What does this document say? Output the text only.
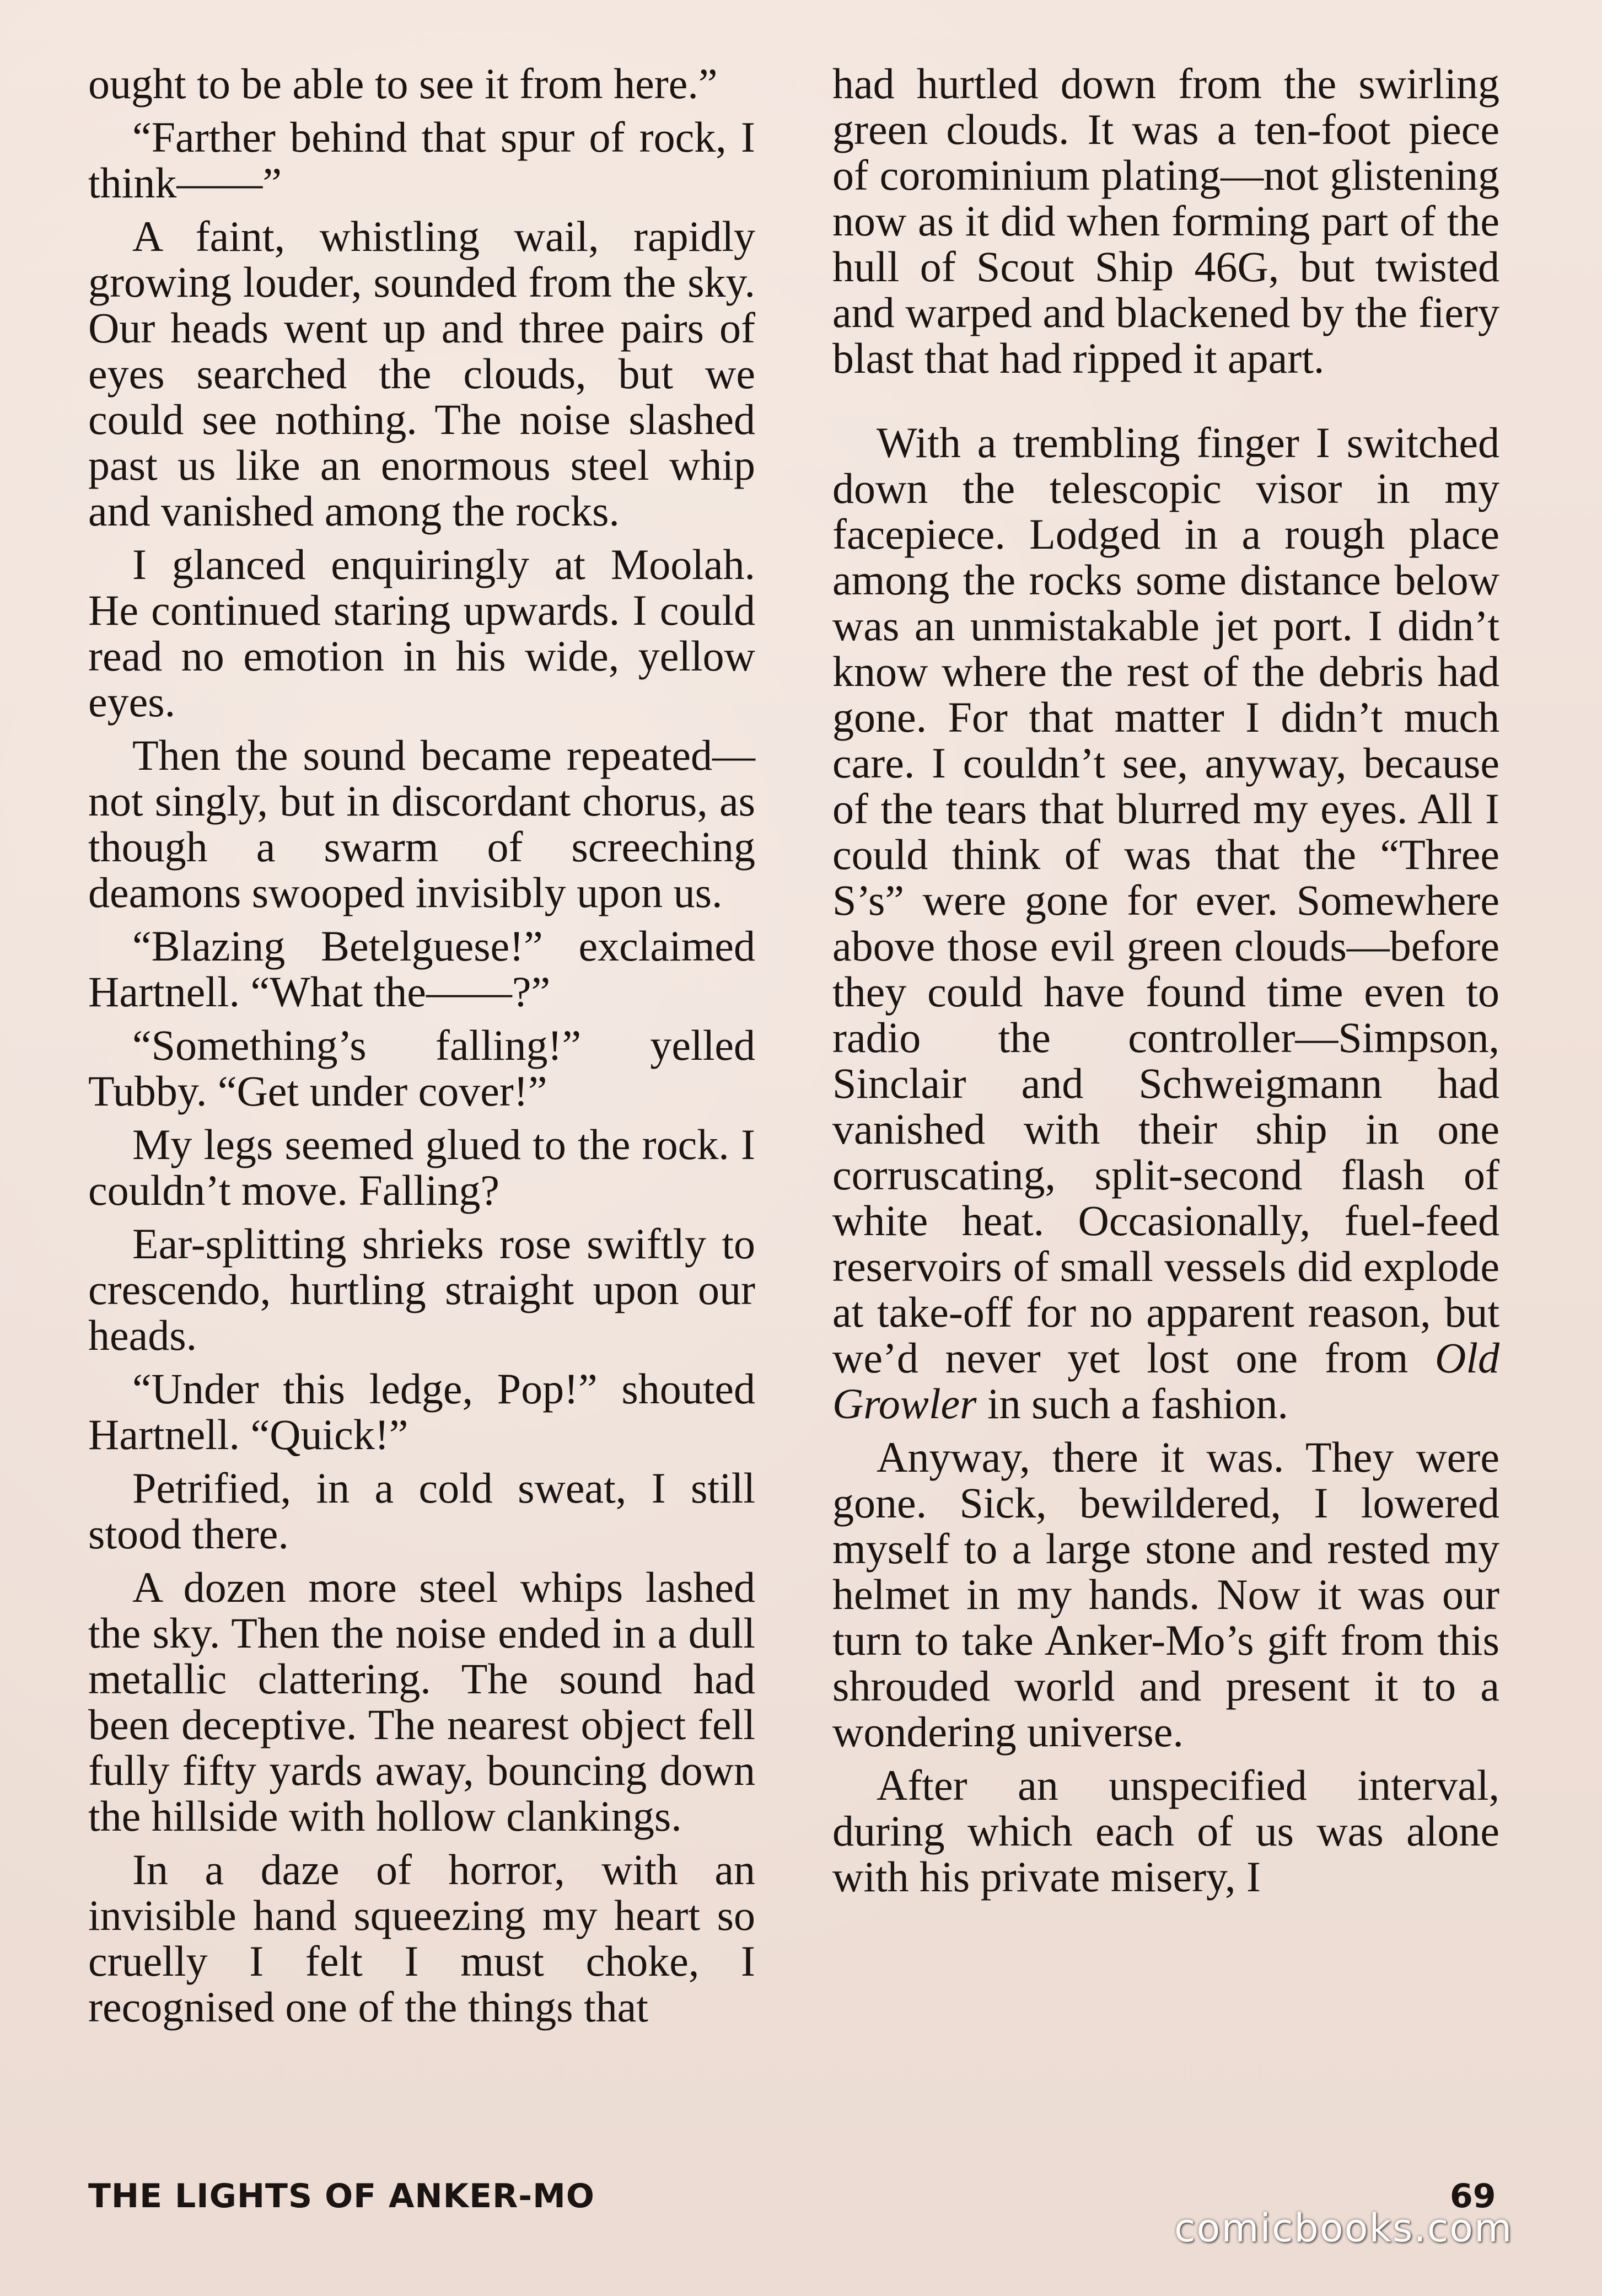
ought to be able to see it from here.”

“Farther behind that spur of rock, I think——”

A faint, whistling wail, rapidly growing louder, sounded from the sky. Our heads went up and three pairs of eyes searched the clouds, but we could see nothing. The noise slashed past us like an enormous steel whip and vanished among the rocks.

I glanced enquiringly at Moolah. He continued staring upwards. I could read no emotion in his wide, yellow eyes.

Then the sound became repeated—not singly, but in discordant chorus, as though a swarm of screeching deamons swooped invisibly upon us.

“Blazing Betelguese!” exclaimed Hartnell. “What the——?”

“Something’s falling!” yelled Tubby. “Get under cover!”

My legs seemed glued to the rock. I couldn’t move. Falling?

Ear-splitting shrieks rose swiftly to crescendo, hurtling straight upon our heads.

“Under this ledge, Pop!” shouted Hartnell. “Quick!”

Petrified, in a cold sweat, I still stood there.

A dozen more steel whips lashed the sky. Then the noise ended in a dull metallic clattering. The sound had been deceptive. The nearest object fell fully fifty yards away, bouncing down the hillside with hollow clankings.

In a daze of horror, with an invisible hand squeezing my heart so cruelly I felt I must choke, I recognised one of the things that

had hurtled down from the swirling green clouds. It was a ten-foot piece of corominium plating—not glistening now as it did when forming part of the hull of Scout Ship 46G, but twisted and warped and blackened by the fiery blast that had ripped it apart.

With a trembling finger I switched down the telescopic visor in my facepiece. Lodged in a rough place among the rocks some distance below was an unmistakable jet port. I didn’t know where the rest of the debris had gone. For that matter I didn’t much care. I couldn’t see, anyway, because of the tears that blurred my eyes. All I could think of was that the “Three S’s” were gone for ever. Somewhere above those evil green clouds—before they could have found time even to radio the controller—Simpson, Sinclair and Schweigmann had vanished with their ship in one corruscating, split-second flash of white heat. Occasionally, fuel-feed reservoirs of small vessels did explode at take-off for no apparent reason, but we’d never yet lost one from Old Growler in such a fashion.

Anyway, there it was. They were gone. Sick, bewildered, I lowered myself to a large stone and rested my helmet in my hands. Now it was our turn to take Anker-Mo’s gift from this shrouded world and present it to a wondering universe.

After an unspecified interval, during which each of us was alone with his private misery, I

THE LIGHTS OF ANKER-MO	69
comicbooks.com
